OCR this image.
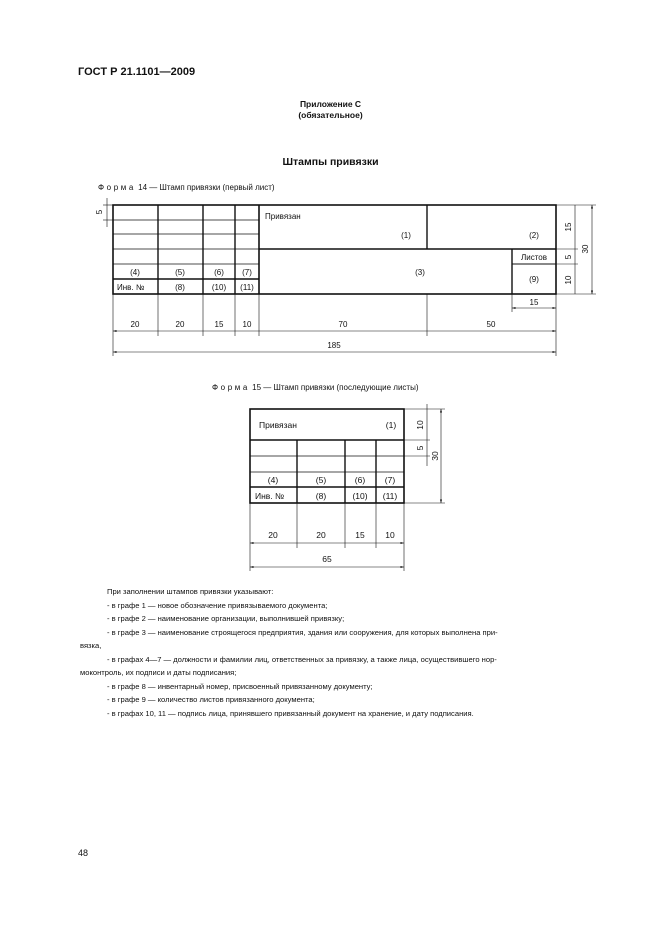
ГОСТ Р 21.1101—2009
Приложение С
(обязательное)
Штампы привязки
Форма 14 — Штамп привязки (первый лист)
Форма 15 — Штамп привязки (последующие листы)
Привязан
(1)	(2)
(3)
(4)	(5)	(6) (7)
Инв. №	(8)	(10) (11)
Листов
(9)
5
15
5
10
30
15
20	20	15 10	70	50
185
Привязан	(1)
(4)	(5)	(6) (7)
Инв. №	(8)	(10) (11)
10
5
30
20	20	15 10
65
При заполнении штампов привязки указывают:
- в графе 1 — новое обозначение привязываемого документа;
- в графе 2 — наименование организации, выполнившей привязку;
- в графе 3 — наименование строящегося предприятия, здания или сооружения, для которых выполнена при-
вязка,
- в графах 4—7 — должности и фамилии лиц, ответственных за привязку, а также лица, осуществившего нор-
моконтроль, их подписи и даты подписания;
- в графе 8 — инвентарный номер, присвоенный привязанному документу;
- в графе 9 — количество листов привязанного документа;
- в графах 10, 11 — подпись лица, принявшего привязанный документ на хранение, и дату подписания.
48
